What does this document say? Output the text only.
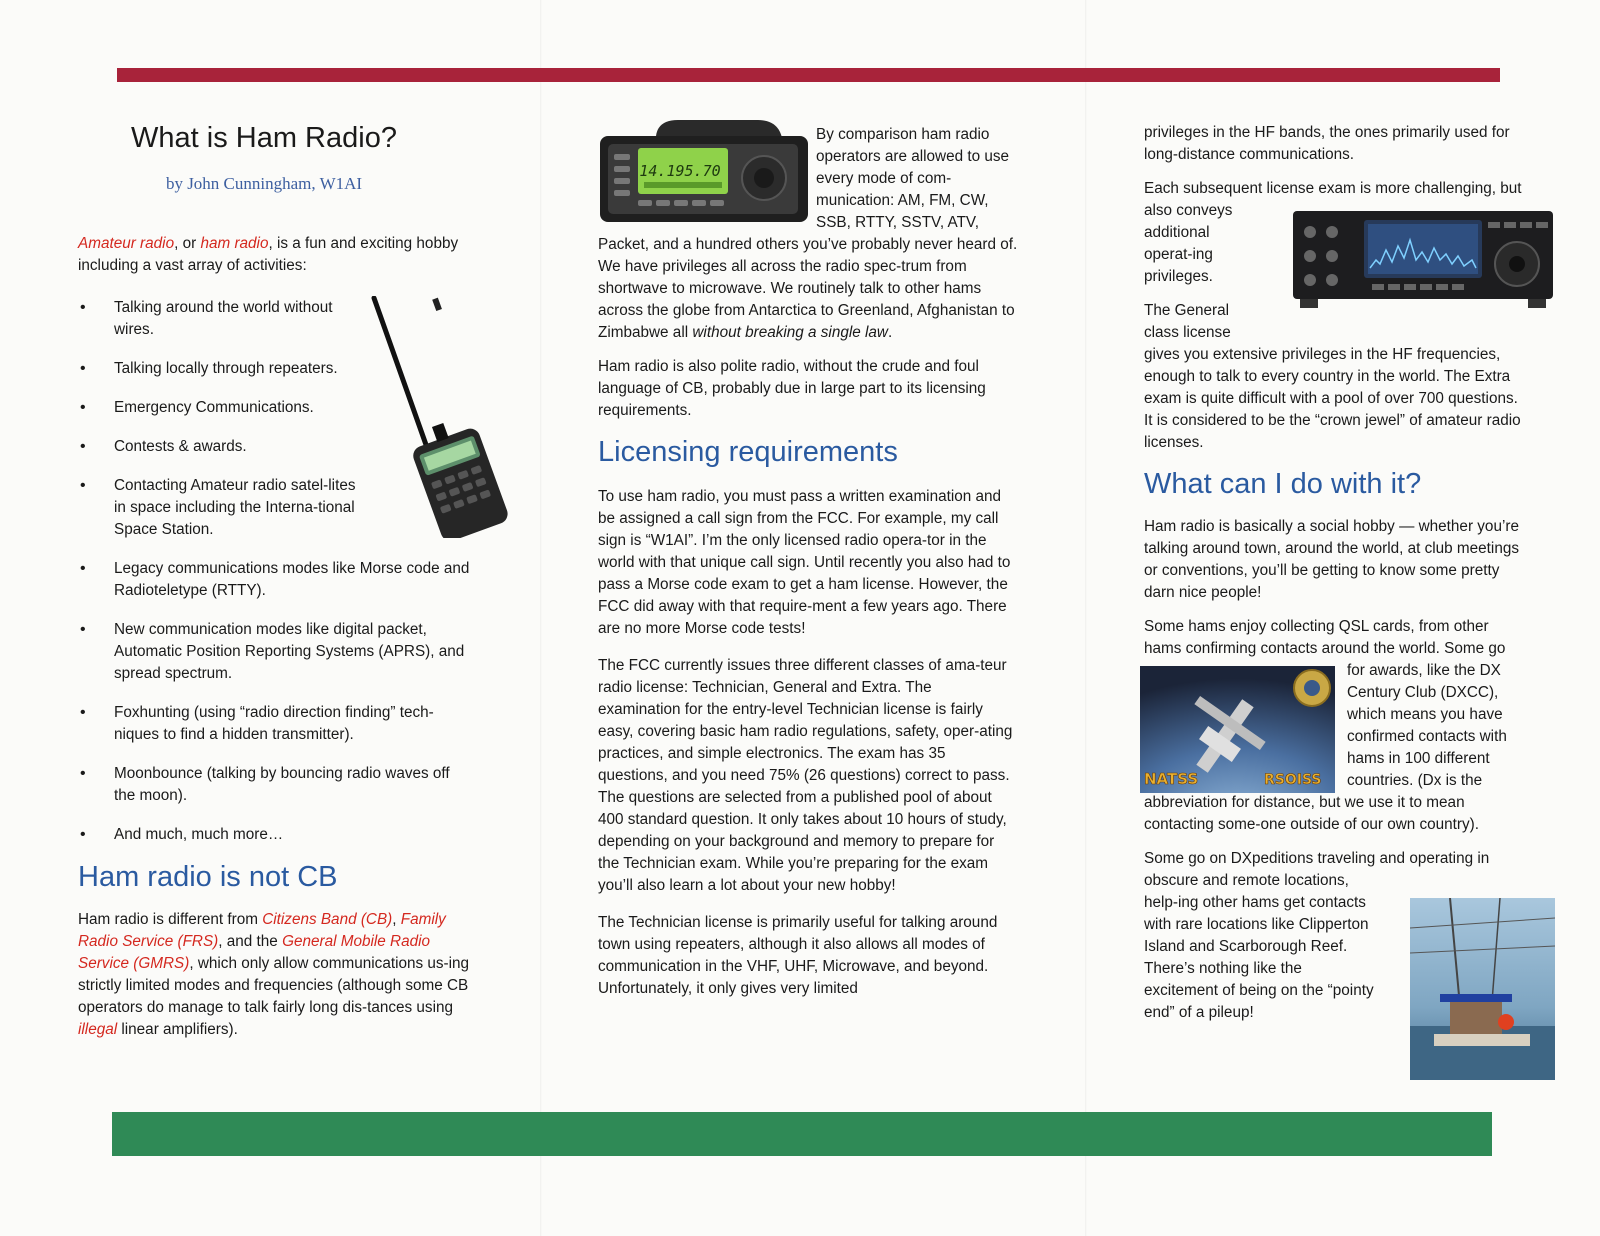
What is Ham Radio?
by John Cunningham, W1AI

Amateur radio, or ham radio, is a fun and exciting hobby including a vast array of activities:

• Talking around the world without wires.
• Talking locally through repeaters.
• Emergency Communications.
• Contests & awards.
• Contacting Amateur radio satel-lites in space including the Interna-tional Space Station.
• Legacy communications modes like Morse code and Radioteletype (RTTY).
• New communication modes like digital packet, Automatic Position Reporting Systems (APRS), and spread spectrum.
• Foxhunting (using “radio direction finding” tech-niques to find a hidden transmitter).
• Moonbounce (talking by bouncing radio waves off the moon).
• And much, much more…
Ham radio is not CB

Ham radio is different from Citizens Band (CB), Family Radio Service (FRS), and the General Mobile Radio Service (GMRS), which only allow communications us-ing strictly limited modes and frequencies (although some CB operators do manage to talk fairly long dis-tances using illegal linear amplifiers).

14.195.70

By comparison ham radio operators are allowed to use every mode of com-munication: AM, FM, CW, SSB, RTTY, SSTV, ATV, Packet, and a hundred others you’ve probably never heard of. We have privileges all across the radio spec-trum from shortwave to microwave. We routinely talk to other hams across the globe from Antarctica to Greenland, Afghanistan to Zimbabwe all without breaking a single law.

Ham radio is also polite radio, without the crude and foul language of CB, probably due in large part to its licensing requirements.

Licensing requirements

To use ham radio, you must pass a written examination and be assigned a call sign from the FCC. For example, my call sign is “W1AI”. I’m the only licensed radio opera-tor in the world with that unique call sign. Until recently you also had to pass a Morse code exam to get a ham license. However, the FCC did away with that require-ment a few years ago. There are no more Morse code tests!

The FCC currently issues three different classes of ama-teur radio license: Technician, General and Extra. The examination for the entry-level Technician license is fairly easy, covering basic ham radio regulations, safety, oper-ating practices, and simple electronics. The exam has 35 questions, and you need 75% (26 questions) correct to pass. The questions are selected from a published pool of about 400 standard question. It only takes about 10 hours of study, depending on your background and memory to prepare for the Technician exam. While you’re preparing for the exam you’ll also learn a lot about your new hobby!

The Technician license is primarily useful for talking around town using repeaters, although it also allows all modes of communication in the VHF, UHF, Microwave, and beyond. Unfortunately, it only gives very limited

NATSS	RSOISS

privileges in the HF bands, the ones primarily used for long-distance communications.

Each subsequent license exam is more challenging,
but also conveys additional operat-ing privileges.

The General class license gives you extensive privileges in the HF frequencies, enough to talk to every country in the world. The Extra exam is quite difficult with a pool of over 700 questions. It is considered to be the “crown jewel” of amateur radio licenses.

What can I do with it?

Ham radio is basically a social hobby — whether you’re talking around town, around the world, at club meetings or conventions, you’ll be getting to know some pretty darn nice people!

Some hams enjoy collecting QSL cards, from other hams confirming contacts around the world. Some
go for awards, like the DX Century Club (DXCC), which means you have confirmed contacts with hams in 100 different countries. (Dx is the abbreviation for distance, but we use it to mean contacting some-one outside of our own country).

Some go on DXpeditions traveling and operating in
obscure and remote locations, help-ing other hams get contacts with rare locations like Clipperton Island and Scarborough Reef. There’s nothing like the excitement of being on the “pointy end” of a pileup!
